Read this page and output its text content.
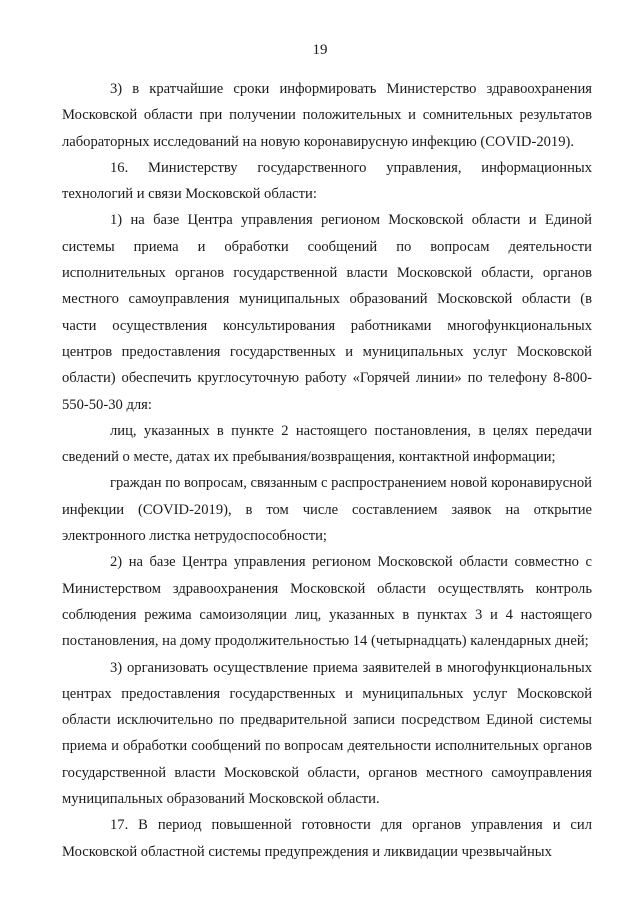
19

3) в кратчайшие сроки информировать Министерство здравоохранения Московской области при получении положительных и сомнительных результатов лабораторных исследований на новую коронавирусную инфекцию (COVID-2019).

16. Министерству государственного управления, информационных технологий и связи Московской области:

1) на базе Центра управления регионом Московской области и Единой системы приема и обработки сообщений по вопросам деятельности исполнительных органов государственной власти Московской области, органов местного самоуправления муниципальных образований Московской области (в части осуществления консультирования работниками многофункциональных центров предоставления государственных и муниципальных услуг Московской области) обеспечить круглосуточную работу «Горячей линии» по телефону 8-800-550-50-30 для:

лиц, указанных в пункте 2 настоящего постановления, в целях передачи сведений о месте, датах их пребывания/возвращения, контактной информации;

граждан по вопросам, связанным с распространением новой коронавирусной инфекции (COVID-2019), в том числе составлением заявок на открытие электронного листка нетрудоспособности;

2) на базе Центра управления регионом Московской области совместно с Министерством здравоохранения Московской области осуществлять контроль соблюдения режима самоизоляции лиц, указанных в пунктах 3 и 4 настоящего постановления, на дому продолжительностью 14 (четырнадцать) календарных дней;

3) организовать осуществление приема заявителей в многофункциональных центрах предоставления государственных и муниципальных услуг Московской области исключительно по предварительной записи посредством Единой системы приема и обработки сообщений по вопросам деятельности исполнительных органов государственной власти Московской области, органов местного самоуправления муниципальных образований Московской области.

17. В период повышенной готовности для органов управления и сил Московской областной системы предупреждения и ликвидации чрезвычайных
